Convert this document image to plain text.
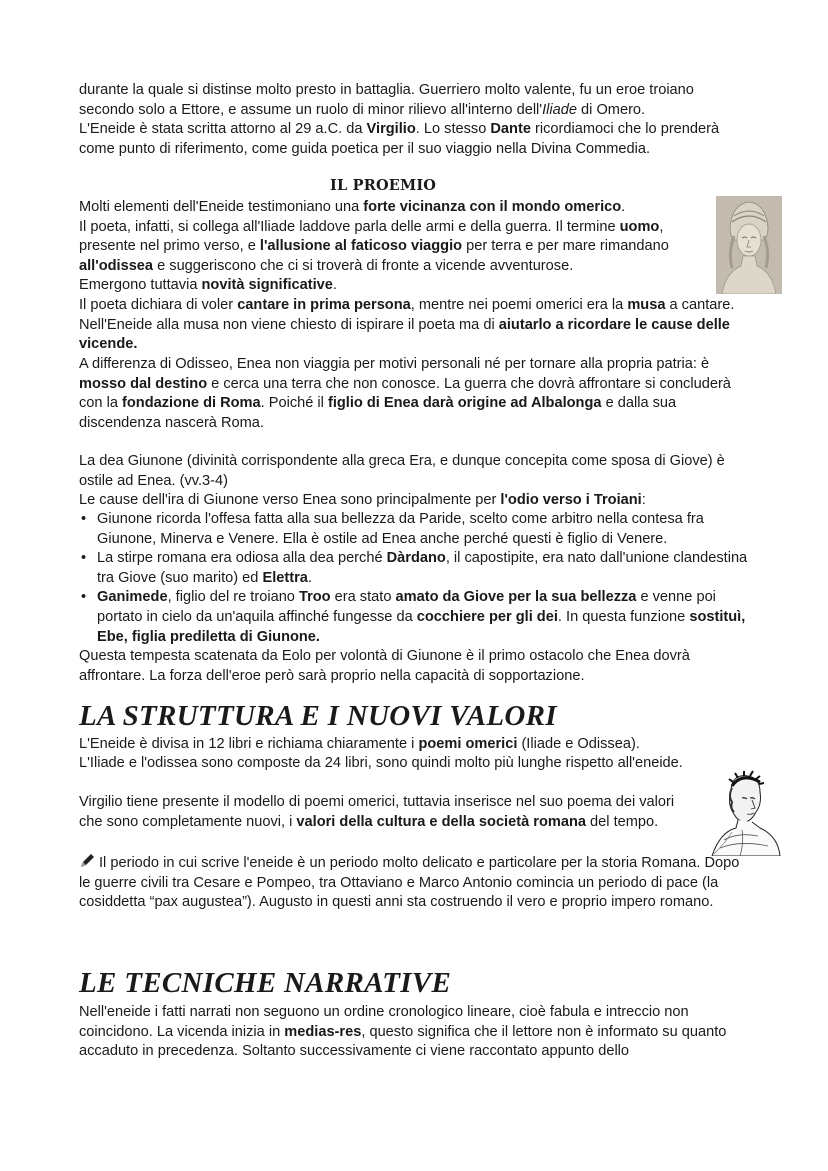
durante la quale si distinse molto presto in battaglia. Guerriero molto valente, fu un eroe troiano secondo solo a Ettore, e assume un ruolo di minor rilievo all'interno dell'Iliade di Omero.

L'Eneide è stata scritta attorno al 29 a.C. da Virgilio. Lo stesso Dante ricordiamoci che lo prenderà come punto di riferimento, come guida poetica per il suo viaggio nella Divina Commedia.

IL PROEMIO

Molti elementi dell'Eneide testimoniano una forte vicinanza con il mondo omerico.
Il poeta, infatti, si collega all'Iliade laddove parla delle armi e della guerra. Il termine uomo, presente nel primo verso, e l'allusione al faticoso viaggio per terra e per mare rimandano all'odissea e suggeriscono che ci si troverà di fronte a vicende avventurose.
Emergono tuttavia novità significative.

Il poeta dichiara di voler cantare in prima persona, mentre nei poemi omerici era la musa a cantare. Nell'Eneide alla musa non viene chiesto di ispirare il poeta ma di aiutarlo a ricordare le cause delle vicende.

A differenza di Odisseo, Enea non viaggia per motivi personali né per tornare alla propria patria: è mosso dal destino e cerca una terra che non conosce. La guerra che dovrà affrontare si concluderà con la fondazione di Roma. Poiché il figlio di Enea darà origine ad Albalonga e dalla sua discendenza nascerà Roma.

La dea Giunone (divinità corrispondente alla greca Era, e dunque concepita come sposa di Giove) è ostile ad Enea. (vv.3-4)

Le cause dell'ira di Giunone verso Enea sono principalmente per l'odio verso i Troiani:

• Giunone ricorda l'offesa fatta alla sua bellezza da Paride, scelto come arbitro nella contesa fra Giunone, Minerva e Venere. Ella è ostile ad Enea anche perché questi è figlio di Venere.
• La stirpe romana era odiosa alla dea perché Dàrdano, il capostipite, era nato dall'unione clandestina tra Giove (suo marito) ed Elettra.
• Ganimede, figlio del re troiano Troo era stato amato da Giove per la sua bellezza e venne poi portato in cielo da un'aquila affinché fungesse da cocchiere per gli dei. In questa funzione sostituì, Ebe, figlia prediletta di Giunone.

Questa tempesta scatenata da Eolo per volontà di Giunone è il primo ostacolo che Enea dovrà affrontare. La forza dell'eroe però sarà proprio nella capacità di sopportazione.

LA STRUTTURA E I NUOVI VALORI

L'Eneide è divisa in 12 libri e richiama chiaramente i poemi omerici (Iliade e Odissea).

L'Iliade e l'odissea sono composte da 24 libri, sono quindi molto più lunghe rispetto all'eneide.

Virgilio tiene presente il modello di poemi omerici, tuttavia inserisce nel suo poema dei valori che sono completamente nuovi, i valori della cultura e della società romana del tempo.

Il periodo in cui scrive l'eneide è un periodo molto delicato e particolare per la storia Romana. Dopo le guerre civili tra Cesare e Pompeo, tra Ottaviano e Marco Antonio comincia un periodo di pace (la cosiddetta “pax augustea”). Augusto in questi anni sta costruendo il vero e proprio impero romano.

LE TECNICHE NARRATIVE

Nell'eneide i fatti narrati non seguono un ordine cronologico lineare, cioè fabula e intreccio non coincidono. La vicenda inizia in medias-res, questo significa che il lettore non è informato su quanto accaduto in precedenza. Soltanto successivamente ci viene raccontato appunto dello
